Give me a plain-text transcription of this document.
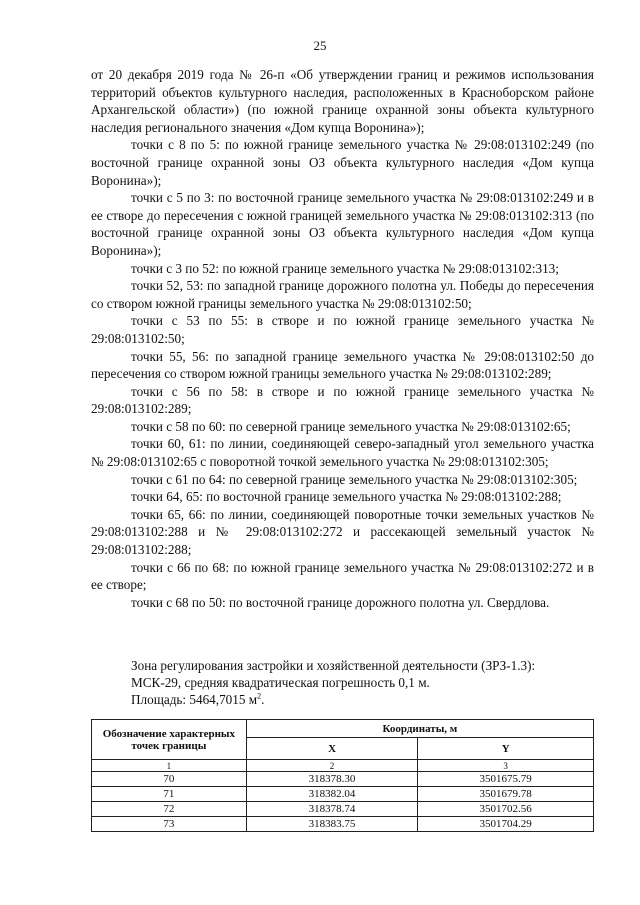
25

от 20 декабря 2019 года № 26-п «Об утверждении границ и режимов использования территорий объектов культурного наследия, расположенных в Красноборском районе Архангельской области») (по южной границе охранной зоны объекта культурного наследия регионального значения «Дом купца Воронина»);

точки с 8 по 5: по южной границе земельного участка № 29:08:013102:249 (по восточной границе охранной зоны ОЗ объекта культурного наследия «Дом купца Воронина»);

точки с 5 по 3: по восточной границе земельного участка № 29:08:013102:249 и в ее створе до пересечения с южной границей земельного участка № 29:08:013102:313 (по восточной границе охранной зоны ОЗ объекта культурного наследия «Дом купца Воронина»);

точки с 3 по 52: по южной границе земельного участка № 29:08:013102:313;

точки 52, 53: по западной границе дорожного полотна ул. Победы до пересечения со створом южной границы земельного участка № 29:08:013102:50;

точки с 53 по 55: в створе и по южной границе земельного участка № 29:08:013102:50;

точки 55, 56: по западной границе земельного участка № 29:08:013102:50 до пересечения со створом южной границы земельного участка № 29:08:013102:289;

точки с 56 по 58: в створе и по южной границе земельного участка № 29:08:013102:289;

точки с 58 по 60: по северной границе земельного участка № 29:08:013102:65;

точки 60, 61: по линии, соединяющей северо-западный угол земельного участка № 29:08:013102:65 с поворотной точкой земельного участка № 29:08:013102:305;

точки с 61 по 64: по северной границе земельного участка № 29:08:013102:305;

точки 64, 65: по восточной границе земельного участка № 29:08:013102:288;

точки 65, 66: по линии, соединяющей поворотные точки земельных участков № 29:08:013102:288 и № 29:08:013102:272 и рассекающей земельный участок № 29:08:013102:288;

точки с 66 по 68: по южной границе земельного участка № 29:08:013102:272 и в ее створе;

точки с 68 по 50: по восточной границе дорожного полотна ул. Свердлова.

Зона регулирования застройки и хозяйственной деятельности (ЗРЗ-1.3):

МСК-29, средняя квадратическая погрешность 0,1 м.

Площадь: 5464,7015 $м^2$.

Обозначение характерных точек границы	Координаты, м	
	X	Y
1	2	3
70	318378.30	3501675.79
71	318382.04	3501679.78
72	318378.74	3501702.56
73	318383.75	3501704.29
